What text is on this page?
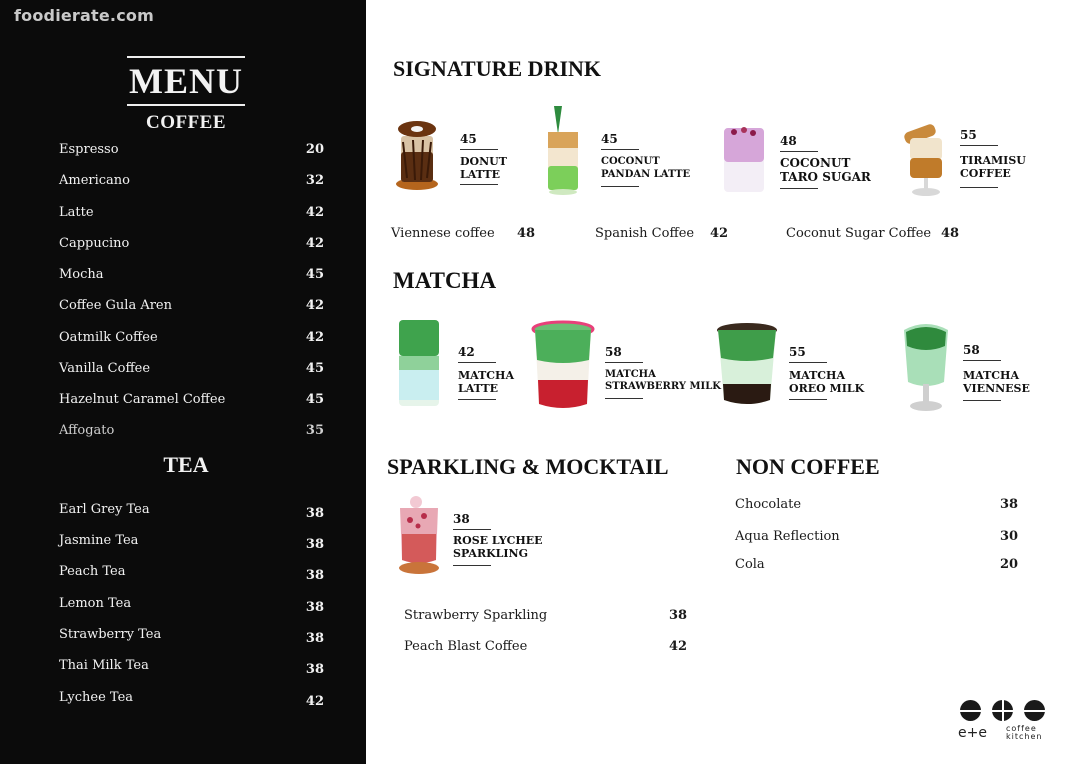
foodierate.com
MENU
COFFEE
Espresso	20
Americano	32
Latte	42
Cappucino	42
Mocha	45
Coffee Gula Aren	42
Oatmilk Coffee	42
Vanilla Coffee	45
Hazelnut Caramel Coffee	45
Affogato	35
TEA
Earl Grey Tea	38
Jasmine Tea	38
Peach Tea	38
Lemon Tea	38
Strawberry Tea	38
Thai Milk Tea	38
Lychee Tea	42
SIGNATURE DRINK
45
DONUT
LATTE
45
COCONUT
PANDAN LATTE
48
COCONUT
TARO SUGAR
55
TIRAMISU
COFFEE
Viennese coffee 48	Spanish Coffee 42	Coconut Sugar Coffee 48
MATCHA
42
MATCHA
LATTE
58
MATCHA
STRAWBERRY MILK
55
MATCHA
OREO MILK
58
MATCHA
VIENNESE
SPARKLING & MOCKTAIL
38
ROSE LYCHEE
SPARKLING
Strawberry Sparkling	38
Peach Blast Coffee	42
NON COFFEE
Chocolate	38
Aqua Reflection	30
Cola	20
e+e coffee
kitchen
